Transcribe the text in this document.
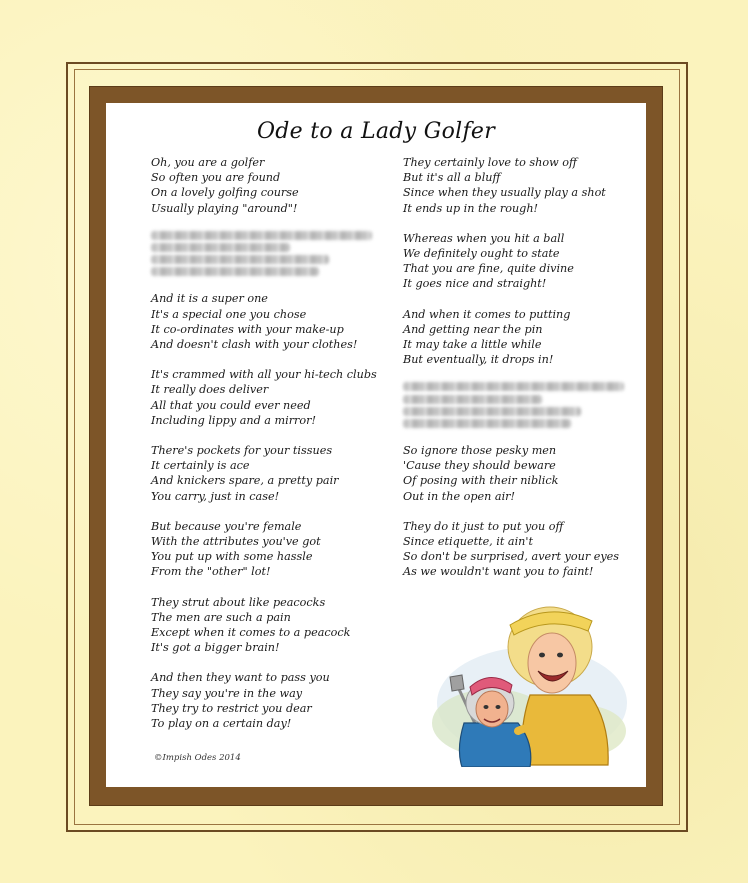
Ode to a Lady Golfer
Oh, you are a golfer
So often you are found
On a lovely golfing course
Usually playing "around"!
And it is a super one
It's a special one you chose
It co-ordinates with your make-up
And doesn't clash with your clothes!
It's crammed with all your hi-tech clubs
It really does deliver
All that you could ever need
Including lippy and a mirror!
There's pockets for your tissues
It certainly is ace
And knickers spare, a pretty pair
You carry, just in case!
But because you're female
With the attributes you've got
You put up with some hassle
From the "other" lot!
They strut about like peacocks
The men are such a pain
Except when it comes to a peacock
It's got a bigger brain!
And then they want to pass you
They say you're in the way
They try to restrict you dear
To play on a certain day!
They certainly love to show off
But it's all a bluff
Since when they usually play a shot
It ends up in the rough!
Whereas when you hit a ball
We definitely ought to state
That you are fine, quite divine
It goes nice and straight!
And when it comes to putting
And getting near the pin
It may take a little while
But eventually, it drops in!
So ignore those pesky men
'Cause they should beware
Of posing with their niblick
Out in the open air!
They do it just to put you off
Since etiquette, it ain't
So don't be surprised, avert your eyes
As we wouldn't want you to faint!
©Impish Odes 2014
